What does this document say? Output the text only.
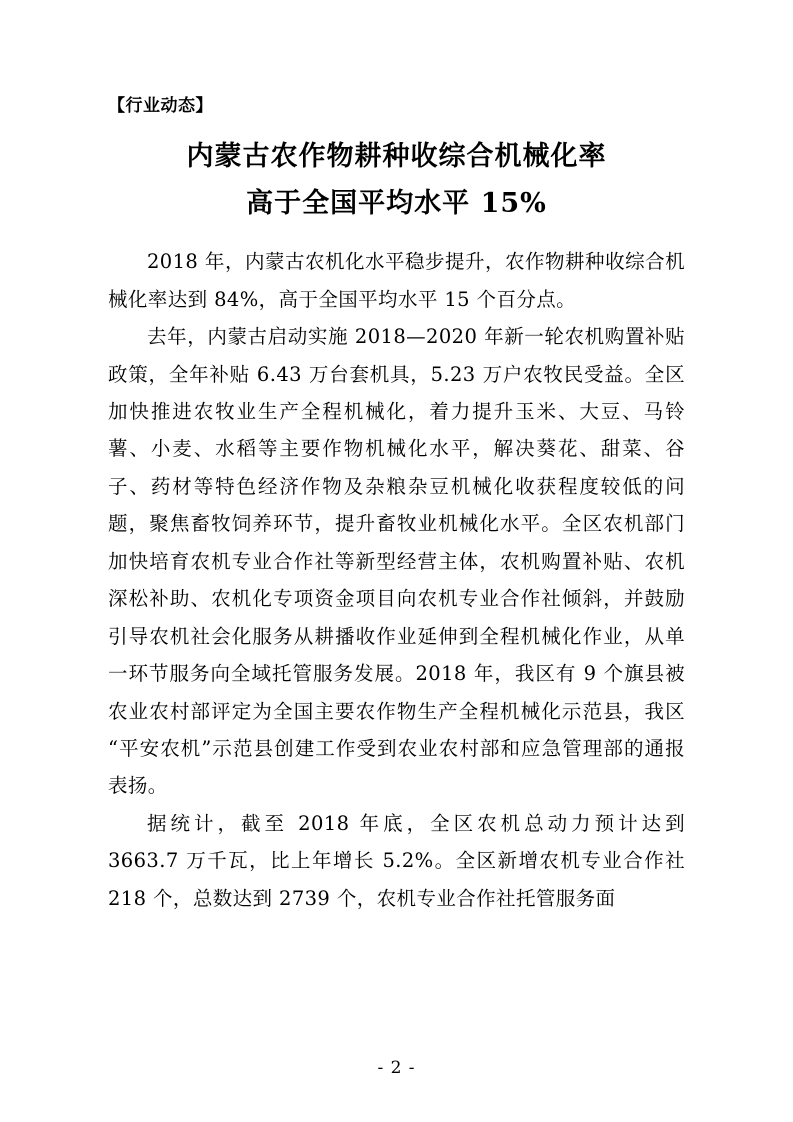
【行业动态】
内蒙古农作物耕种收综合机械化率
高于全国平均水平 15%

2018 年，内蒙古农机化水平稳步提升，农作物耕种收综合机械化率达到 84%，高于全国平均水平 15 个百分点。

去年，内蒙古启动实施 2018—2020 年新一轮农机购置补贴政策，全年补贴 6.43 万台套机具，5.23 万户农牧民受益。全区加快推进农牧业生产全程机械化，着力提升玉米、大豆、马铃薯、小麦、水稻等主要作物机械化水平，解决葵花、甜菜、谷子、药材等特色经济作物及杂粮杂豆机械化收获程度较低的问题，聚焦畜牧饲养环节，提升畜牧业机械化水平。全区农机部门加快培育农机专业合作社等新型经营主体，农机购置补贴、农机深松补助、农机化专项资金项目向农机专业合作社倾斜，并鼓励引导农机社会化服务从耕播收作业延伸到全程机械化作业，从单一环节服务向全域托管服务发展。2018 年，我区有 9 个旗县被农业农村部评定为全国主要农作物生产全程机械化示范县，我区“平安农机”示范县创建工作受到农业农村部和应急管理部的通报表扬。

据统计，截至 2018 年底，全区农机总动力预计达到 3663.7 万千瓦，比上年增长 5.2%。全区新增农机专业合作社 218 个，总数达到 2739 个，农机专业合作社托管服务面

- 2 -
